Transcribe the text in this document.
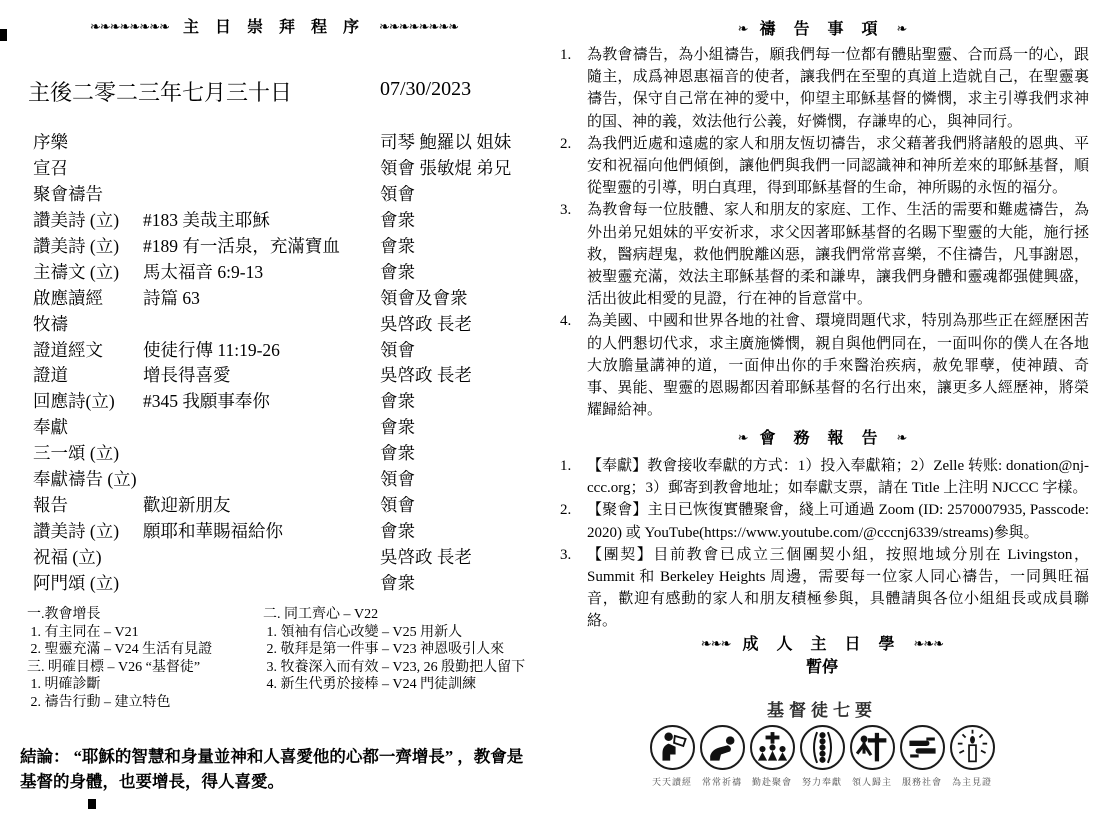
❧❧❧❧❧❧❧❧ 主 日 崇 拜 程 序 ❧❧❧❧❧❧❧❧
主後二零二三年七月三十日	07/30/2023
序樂	司琴 鮑羅以 姐妹
宣召	領會 張敏焜 弟兄
聚會禱告	領會
讚美詩 (立)	#183 美哉主耶穌	會衆
讚美詩 (立)	#189 有一活泉，充滿寶血	會衆
主禱文 (立)	馬太福音 6:9-13	會衆
啟應讀經	詩篇 63	領會及會衆
牧禱	吳啓政 長老
證道經文	使徒行傳 11:19-26	領會
證道	增長得喜愛	吳啓政 長老
回應詩(立)	#345 我願事奉你	會衆
奉獻	會衆
三一頌 (立)	會衆
奉獻禱告 (立)	領會
報告	歡迎新朋友	領會
讚美詩 (立)	願耶和華賜福給你	會衆
祝福 (立)	吳啓政 長老
阿門頌 (立)	會衆
一.教會增長
1. 有主同在 – V21
2. 聖靈充滿 – V24 生活有見證
三. 明確目標 – V26 “基督徒”
1. 明確診斷
2. 禱告行動 – 建立特色
二. 同工齊心 – V22
1. 領袖有信心改變 – V25 用新人
2. 敬拜是第一件事 – V23 神恩吸引人來
3. 牧養深入而有效 – V23, 26 殷勤把人留下
4. 新生代勇於接棒 – V24 門徒訓練
結論： “耶穌的智慧和身量並神和人喜愛他的心都一齊增長” ，教會是基督的身體，也要增長，得人喜愛。
❧ 禱 告 事 項 ❧
1.	為教會禱告，為小組禱告，願我們每一位都有體貼聖靈、合而爲一的心，跟隨主，成爲神恩惠福音的使者，讓我們在至聖的真道上造就自己，在聖靈裏禱告，保守自己常在神的愛中，仰望主耶穌基督的憐憫，求主引導我們求神的国、神的義，效法他行公義，好憐憫，存謙卑的心，與神同行。
2.	為我們近處和遠處的家人和朋友恆切禱告，求父藉著我們將諸般的恩典、平安和祝福向他們傾倒，讓他們與我們一同認識神和神所差來的耶穌基督，順從聖靈的引導，明白真理，得到耶穌基督的生命，神所賜的永恆的福分。
3.	為教會每一位肢體、家人和朋友的家庭、工作、生活的需要和難處禱告，為外出弟兄姐妹的平安祈求，求父因著耶穌基督的名賜下聖靈的大能，施行拯救，醫病趕鬼，救他們脫離凶惡，讓我們常常喜樂，不住禱告，凡事謝恩，被聖靈充滿，效法主耶穌基督的柔和謙卑，讓我們身體和靈魂都强健興盛，活出彼此相愛的見證，行在神的旨意當中。
4.	為美國、中國和世界各地的社會、環境問題代求，特別為那些正在經歷困苦的人們懇切代求，求主廣施憐憫，親自與他們同在，一面叫你的僕人在各地大放膽量講神的道，一面伸出你的手來醫治疾病，赦免罪孽，使神蹟、奇事、異能、聖靈的恩賜都因着耶穌基督的名行出來，讓更多人經歷神，將榮耀歸給神。
❧ 會 務 報 告 ❧
1.	【奉獻】教會接收奉獻的方式：1）投入奉獻箱；2）Zelle 转账: donation@nj-ccc.org；3）郵寄到教會地址；如奉獻支票，請在 Title 上注明 NJCCC 字樣。
2.	【聚會】主日已恢復實體聚會，綫上可通過 Zoom (ID: 2570007935, Passcode: 2020) 或 YouTube(https://www.youtube.com/@cccnj6339/streams)參與。
3.	【團契】目前教會已成立三個團契小組，按照地域分別在 Livingston，Summit 和 Berkeley Heights 周邊，需要每一位家人同心禱告，一同興旺福音，歡迎有感動的家人和朋友積極參與，具體請與各位小組組長或成員聯絡。
❧❧❧ 成 人 主 日 學 ❧❧❧
暫停
基督徒七要
天天讀經	常常祈禱	勤赴聚會	努力奉獻	領人歸主	服務社會	為主見證
